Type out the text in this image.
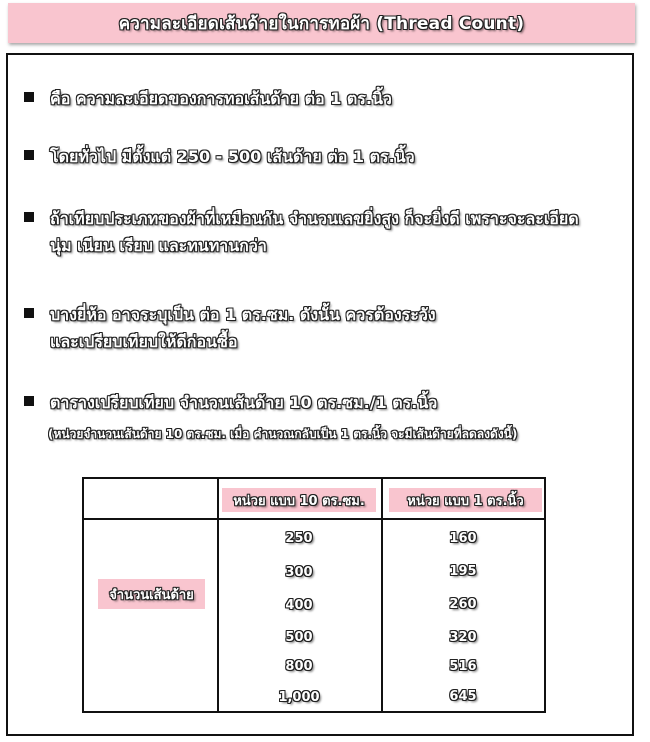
ความละเอียดเส้นด้ายในการทอผ้า (Thread Count)
คือ ความละเอียดของการทอเส้นด้าย ต่อ 1 ตร.นิ้ว
โดยทั่วไป มีตั้งแต่ 250 - 500 เส้นด้าย ต่อ 1 ตร.นิ้ว
ถ้าเทียบประเภทของผ้าที่เหมือนกัน จำนวนเลขยิ่งสูง ก็จะยิ่งดี เพราะจะละเอียด
นุ่ม เนียน เรียบ และทนทานกว่า
บางยี่ห้อ อาจระบุเป็น ต่อ 1 ตร.ซม. ดังนั้น ควรต้องระวัง
และเปรียบเทียบให้ดีก่อนซื้อ
ตารางเปรียบเทียบ จำนวนเส้นด้าย 10 ตร.ซม./1 ตร.นิ้ว
(หน่วยจำนวนเส้นด้าย 10 ตร.ซม. เมื่อ คำนวณกลับเป็น 1 ตร.นิ้ว จะมีเส้นด้ายที่ลดลงดังนี้)
หน่วย แบบ 10 ตร.ซม.	หน่วย แบบ 1 ตร.นิ้ว
จำนวนเส้นด้าย
250
300
400
500
800
1,000
160
195
260
320
516
645
